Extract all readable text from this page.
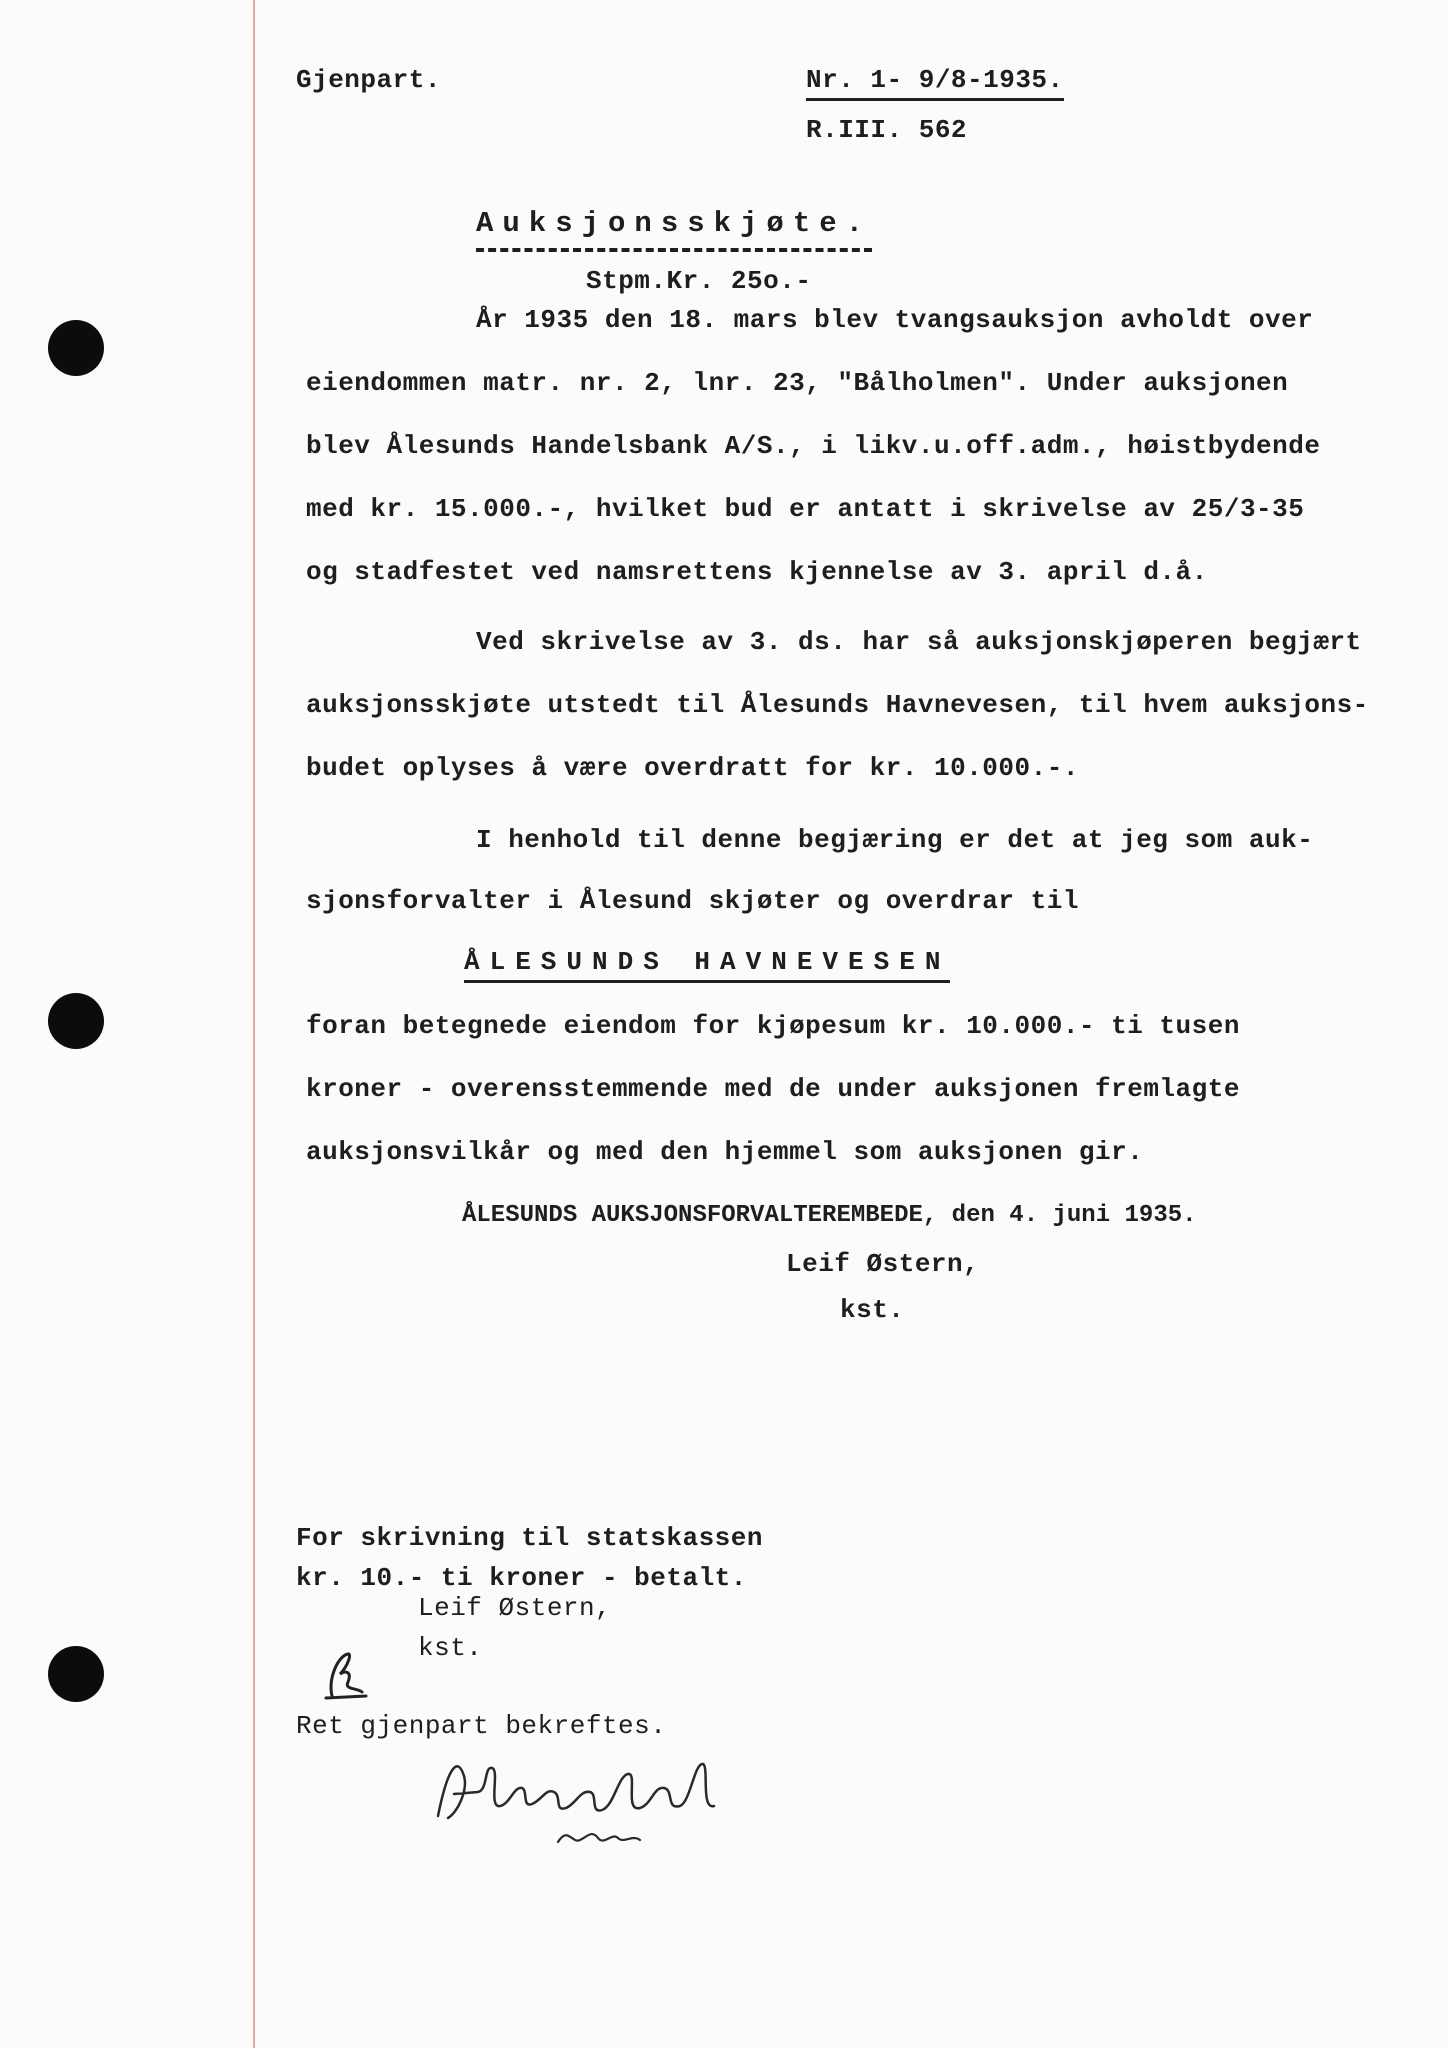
Gjenpart.	Nr. 1- 9/8-1935.
R.III. 562
Auksjonsskjøte.
Stpm.Kr. 25o.-
År 1935 den 18. mars blev tvangsauksjon avholdt over
eiendommen matr. nr. 2, lnr. 23, "Bålholmen". Under auksjonen
blev Ålesunds Handelsbank A/S., i likv.u.off.adm., høistbydende
med kr. 15.000.-, hvilket bud er antatt i skrivelse av 25/3-35
og stadfestet ved namsrettens kjennelse av 3. april d.å.
Ved skrivelse av 3. ds. har så auksjonskjøperen begjært
auksjonsskjøte utstedt til Ålesunds Havnevesen, til hvem auksjons-
budet oplyses å være overdratt for kr. 10.000.-.
I henhold til denne begjæring er det at jeg som auk-
sjonsforvalter i Ålesund skjøter og overdrar til
ÅLESUNDS HAVNEVESEN
foran betegnede eiendom for kjøpesum kr. 10.000.- ti tusen
kroner - overensstemmende med de under auksjonen fremlagte
auksjonsvilkår og med den hjemmel som auksjonen gir.
ÅLESUNDS AUKSJONSFORVALTEREMBEDE, den 4. juni 1935.
Leif Østern,
kst.
For skrivning til statskassen
kr. 10.- ti kroner - betalt.
Leif Østern,
kst.
Ret gjenpart bekreftes.
